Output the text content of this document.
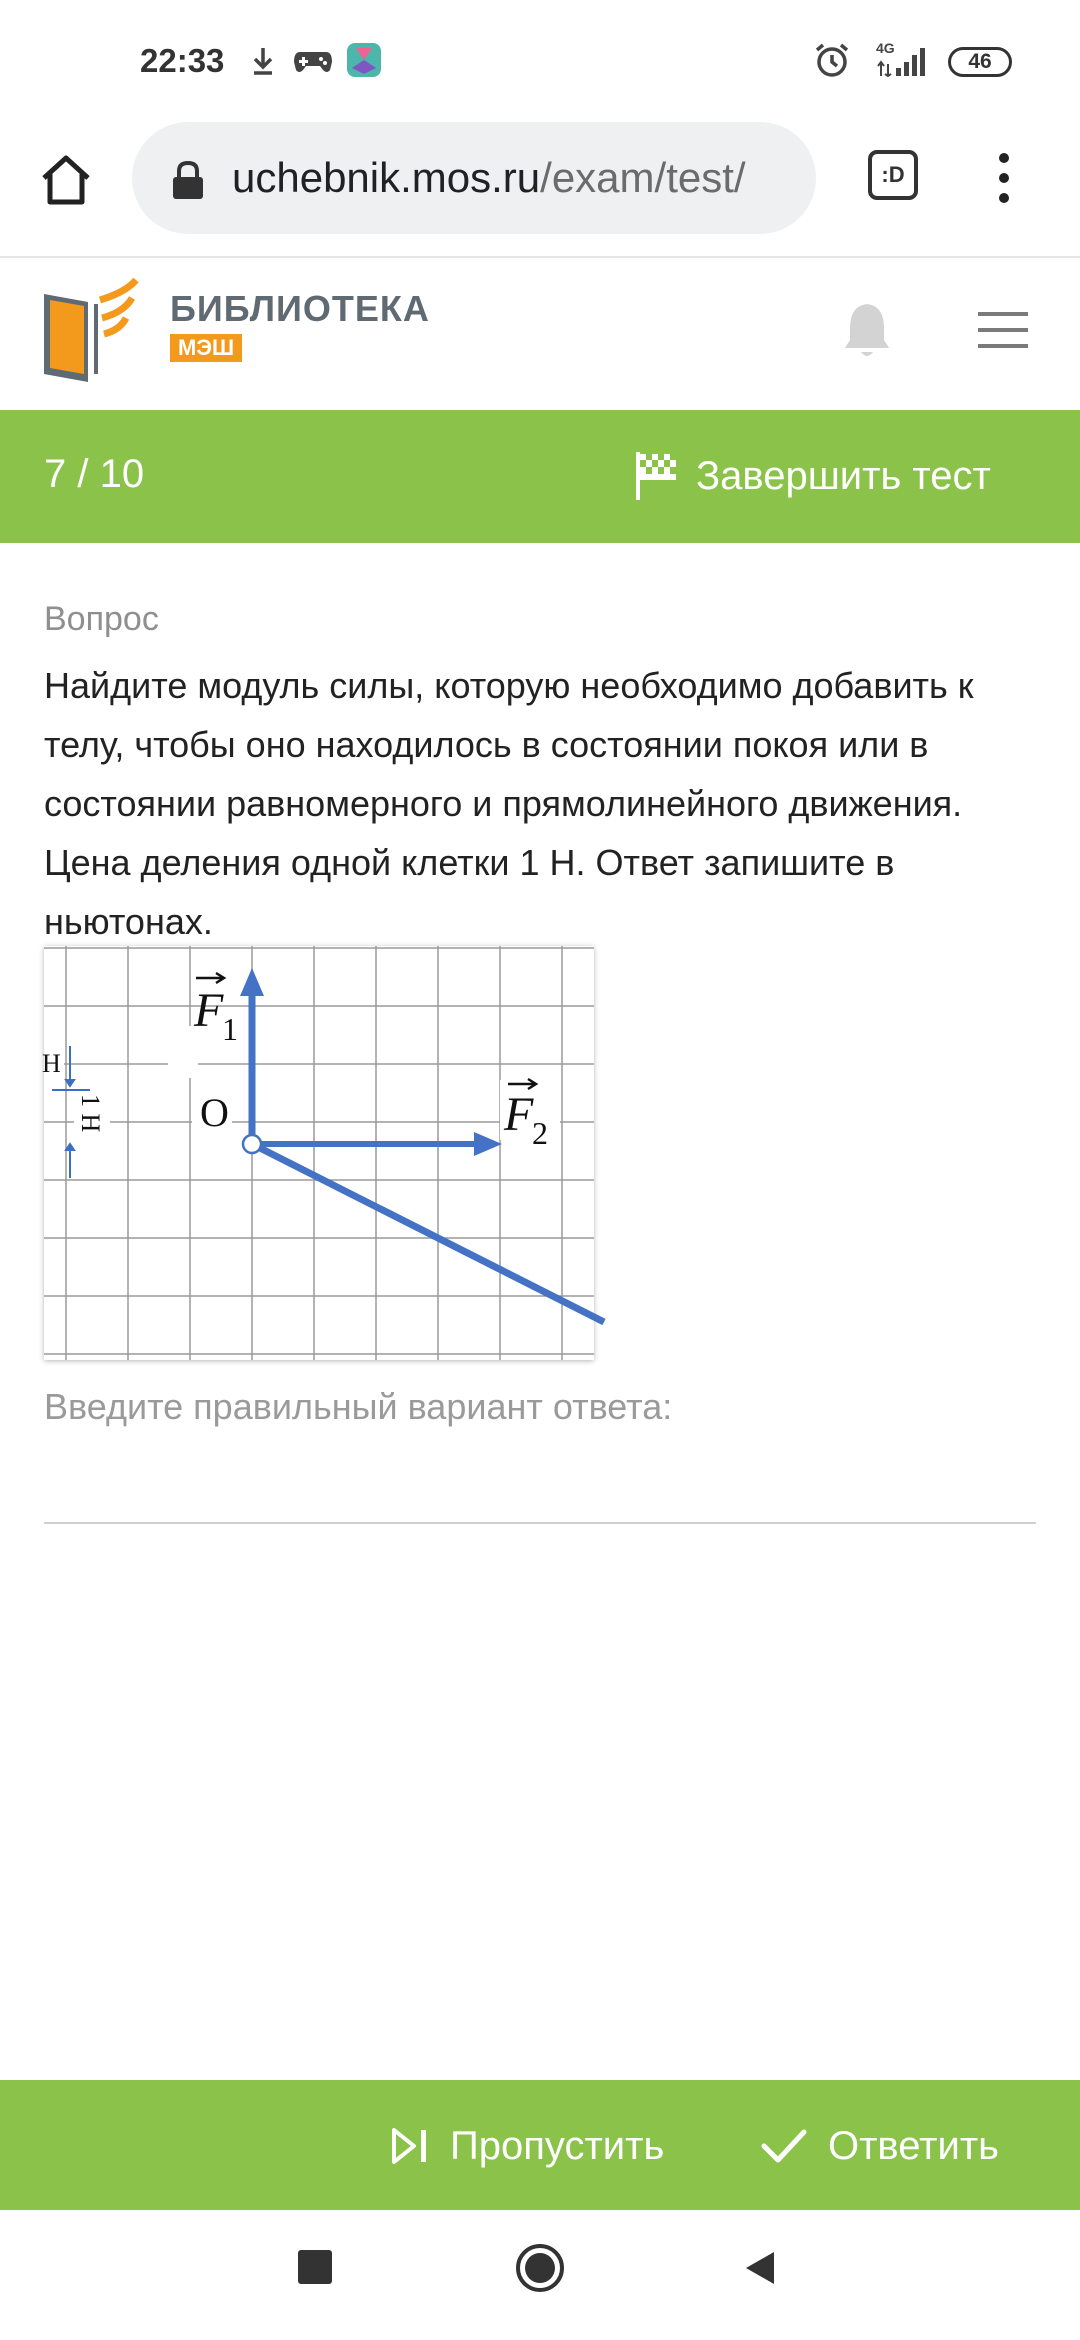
22:33	4G
46
uchebnik.mos.ru/exam/test/	:D
БИБЛИОТЕКА
МЭШ
7 / 10	Завершить тест
Вопрос
Найдите модуль силы, которую необходимо добавить к телу, чтобы оно находилось в состоянии покоя или в состоянии равномерного и прямолинейного движения. Цена деления одной клетки 1 Н. Ответ запишите в ньютонах.
Н
1 Н O
F
1
F
2
Введите правильный вариант ответа:
Пропустить	Ответить
